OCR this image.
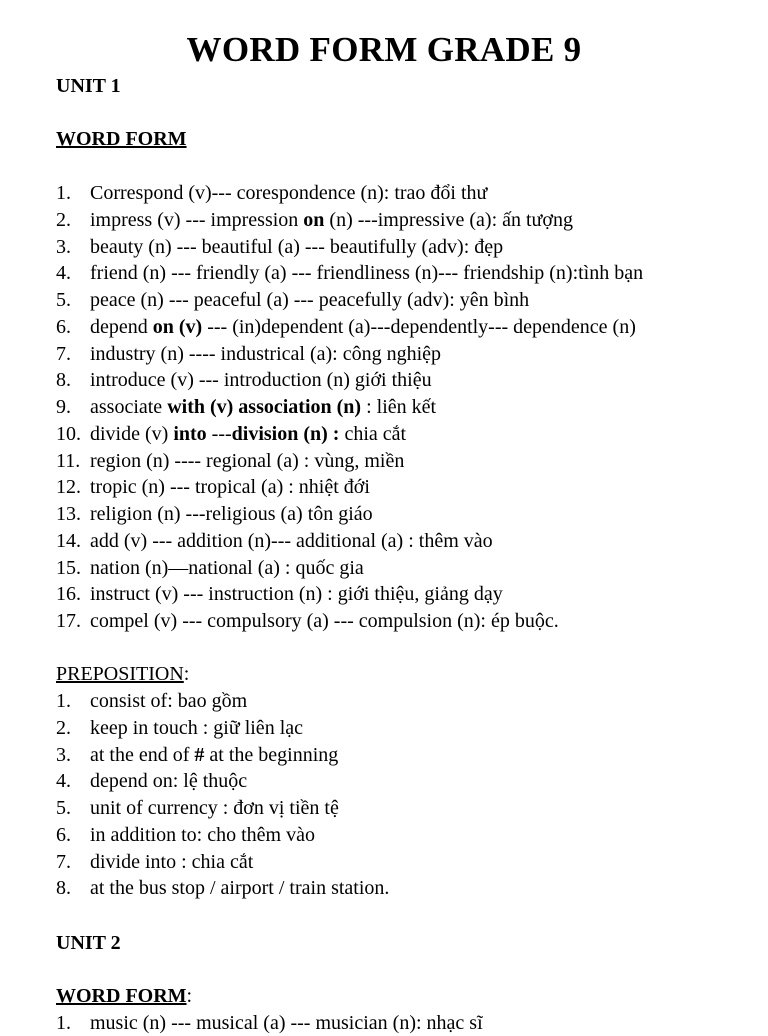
WORD FORM GRADE 9
UNIT 1
WORD FORM
1. Correspond (v)--- corespondence (n): trao đổi thư
2. impress (v) --- impression on (n) ---impressive (a): ấn tượng
3. beauty (n) --- beautiful (a) --- beautifully (adv): đẹp
4. friend (n) --- friendly (a) --- friendliness (n)--- friendship (n):tình bạn
5. peace (n) --- peaceful (a) --- peacefully (adv): yên bình
6. depend on (v) --- (in)dependent (a)---dependently--- dependence (n)
7. industry (n) ---- industrical (a): công nghiệp
8. introduce (v) --- introduction (n) giới thiệu
9. associate with (v) association (n) : liên kết
10. divide (v) into ---division (n) : chia cắt
11. region (n) ---- regional (a) : vùng, miền
12. tropic (n) --- tropical (a) : nhiệt đới
13. religion (n) ---religious (a) tôn giáo
14. add (v) --- addition (n)--- additional (a) : thêm vào
15. nation (n)—national (a) : quốc gia
16. instruct (v) --- instruction (n) : giới thiệu, giảng dạy
17. compel (v) --- compulsory (a) --- compulsion (n): ép buộc.
PREPOSITION:
1. consist of: bao gồm
2. keep in touch : giữ liên lạc
3. at the end of # at the beginning
4. depend on: lệ thuộc
5. unit of currency : đơn vị tiền tệ
6. in addition to: cho thêm vào
7. divide into : chia cắt
8. at the bus stop / airport / train station.
UNIT 2
WORD FORM:
1. music (n) --- musical (a) --- musician (n): nhạc sĩ
